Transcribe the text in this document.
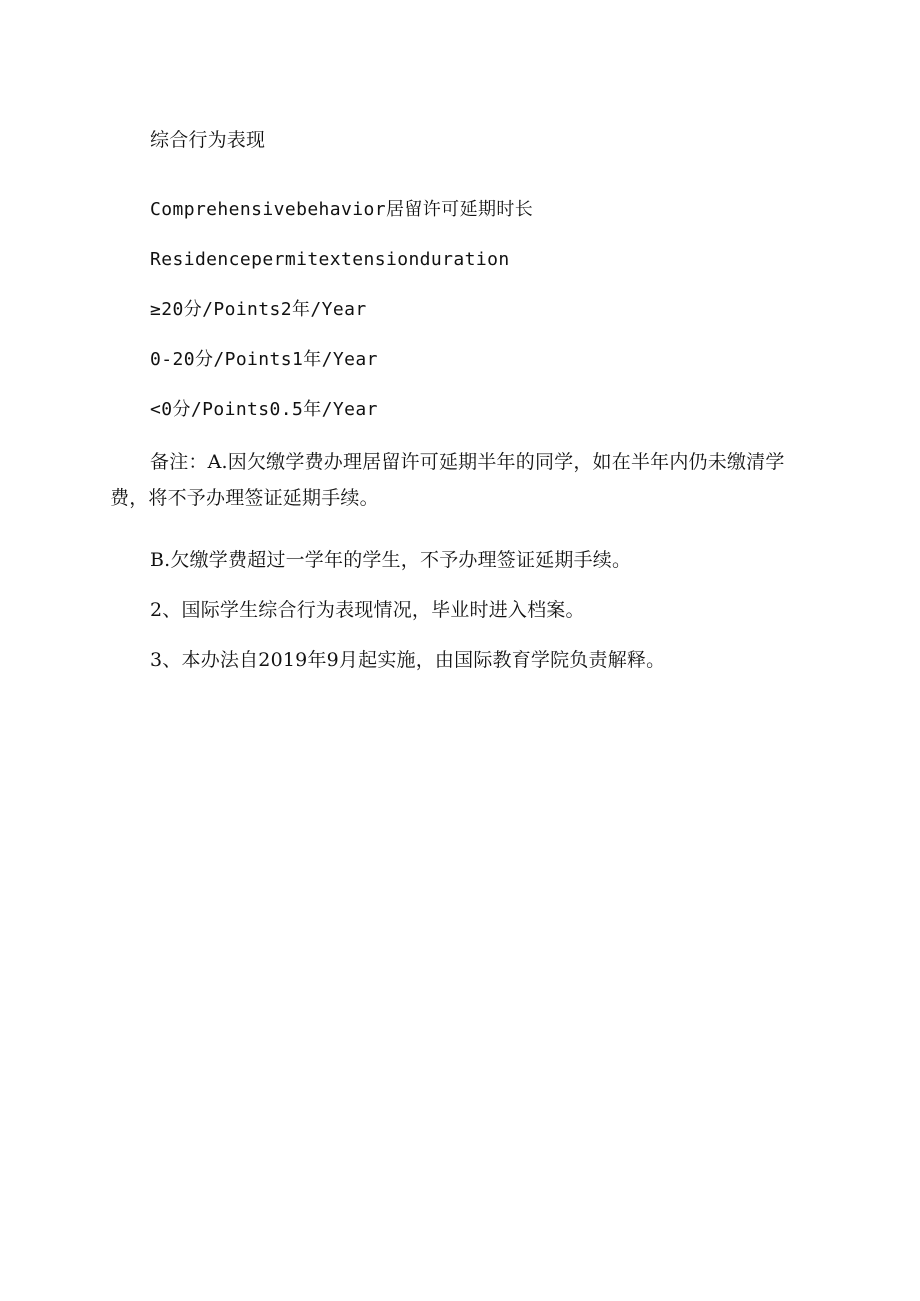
综合行为表现
Comprehensivebehavior居留许可延期时长
Residencepermitextensionduration
≥20分/Points2年/Year
0-20分/Points1年/Year
<0分/Points0.5年/Year
备注：A.因欠缴学费办理居留许可延期半年的同学，如在半年内仍未缴清学费，将不予办理签证延期手续。
B.欠缴学费超过一学年的学生，不予办理签证延期手续。
2、国际学生综合行为表现情况，毕业时进入档案。
3、本办法自2019年9月起实施，由国际教育学院负责解释。
